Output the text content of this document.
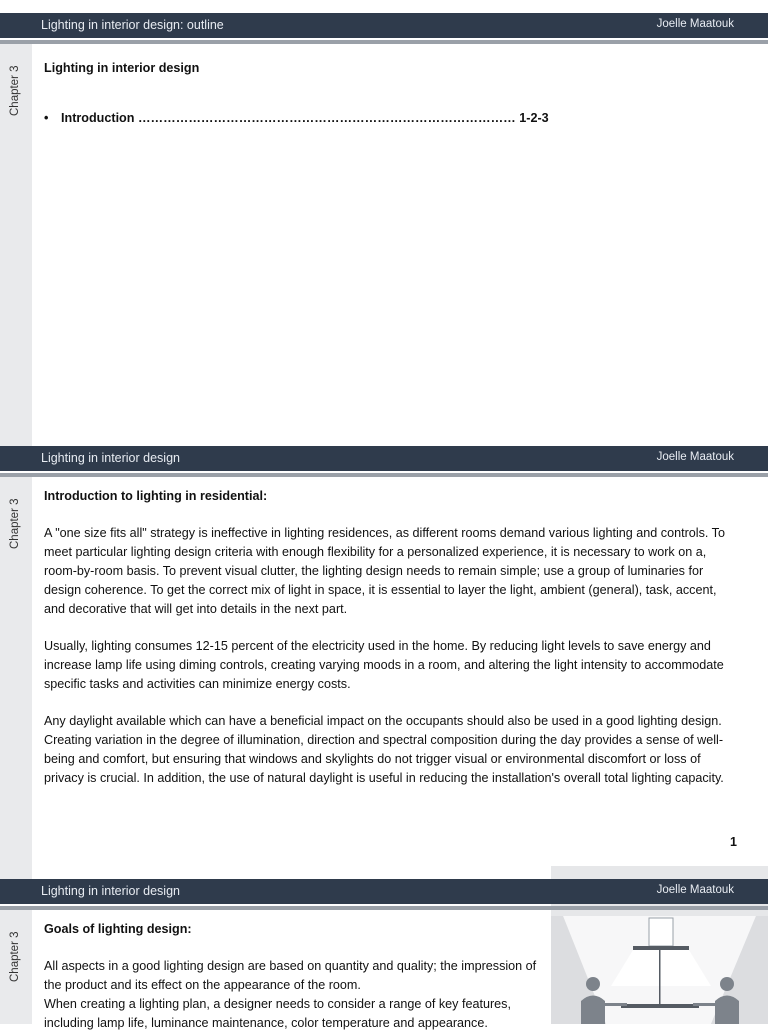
Lighting in interior design: outline	Joelle Maatouk
Chapter 3	Lighting in interior design
• Introduction ……………………………………………………………………………… 1-2-3
Lighting in interior design	Joelle Maatouk
Chapter 3

Introduction to lighting in residential:

A "one size fits all" strategy is ineffective in lighting residences, as different rooms demand various lighting and controls. To meet particular lighting design criteria with enough flexibility for a personalized experience, it is necessary to work on a, room-by-room basis. To prevent visual clutter, the lighting design needs to remain simple; use a group of luminaries for design coherence. To get the correct mix of light in space, it is essential to layer the light, ambient (general), task, accent, and decorative that will get into details in the next part.

Usually, lighting consumes 12-15 percent of the electricity used in the home. By reducing light levels to save energy and increase lamp life using diming controls, creating varying moods in a room, and altering the light intensity to accommodate specific tasks and activities can minimize energy costs.

Any daylight available which can have a beneficial impact on the occupants should also be used in a good lighting design. Creating variation in the degree of illumination, direction and spectral composition during the day provides a sense of well-being and comfort, but ensuring that windows and skylights do not trigger visual or environmental discomfort or loss of privacy is crucial. In addition, the use of natural daylight is useful in reducing the installation's overall total lighting capacity.

1
Lighting in interior design	Joelle Maatouk
Chapter 3

Goals of lighting design:

All aspects in a good lighting design are based on quantity and quality; the impression of the product and its effect on the appearance of the room.

When creating a lighting plan, a designer needs to consider a range of key features, including lamp life, luminance maintenance, color temperature and appearance.
